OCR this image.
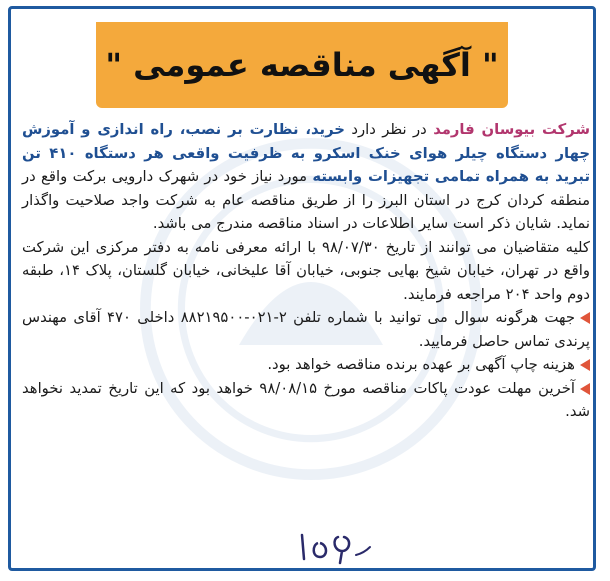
" آگهی مناقصه عمومی "

شرکت بیوسان فارمد در نظر دارد خرید، نظارت بر نصب، راه اندازی و آموزش چهار دستگاه چیلر هوای خنک اسکرو به ظرفیت واقعی هر دستگاه ۴۱۰ تن تبرید به همراه تمامی تجهیزات وابسته مورد نیاز خود در شهرک دارویی برکت واقع در منطقه کردان کرج در استان البرز را از طریق مناقصه عام به شرکت واجد صلاحیت واگذار نماید. شایان ذکر است سایر اطلاعات در اسناد مناقصه مندرج می باشد.

کلیه متقاضیان می توانند از تاریخ ۹۸/۰۷/۳۰ با ارائه معرفی نامه به دفتر مرکزی این شرکت واقع در تهران، خیابان شیخ بهایی جنوبی، خیابان آقا علیخانی، خیابان گلستان، پلاک ۱۴، طبقه دوم واحد ۲۰۴ مراجعه فرمایند.

جهت هرگونه سوال می توانید با شماره تلفن ۲-۰۲۱-۸۸۲۱۹۵۰۰ داخلی ۴۷۰ آقای مهندس پرندی تماس حاصل فرمایید.

هزینه چاپ آگهی بر عهده برنده مناقصه خواهد بود.

آخرین مهلت عودت پاکات مناقصه مورخ ۹۸/۰۸/۱۵ خواهد بود که این تاریخ تمدید نخواهد شد.
